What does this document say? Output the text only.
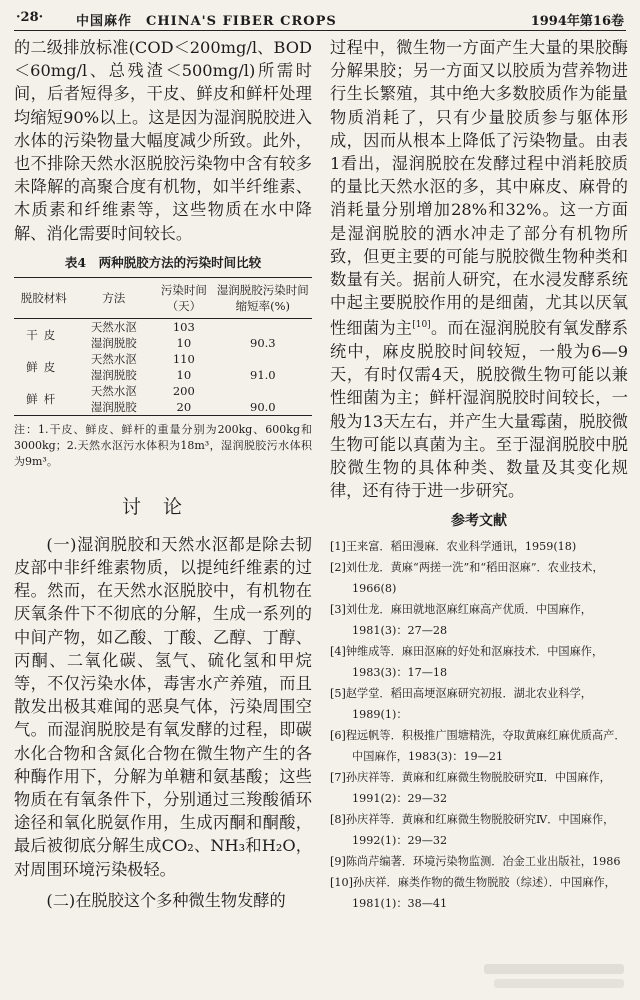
·28·	中国麻作　CHINA'S FIBER CROPS	1994年第16卷

的二级排放标准(COD＜200mg/l、BOD＜60mg/l、总残渣＜500mg/l)所需时间，后者短得多，干皮、鲜皮和鲜杆处理均缩短90%以上。这是因为湿润脱胶进入水体的污染物量大幅度减少所致。此外，也不排除天然水沤脱胶污染物中含有较多未降解的高聚合度有机物，如半纤维素、木质素和纤维素等，这些物质在水中降解、消化需要时间较长。

表4　两种脱胶方法的污染时间比较
脱胶材料	方法	污染时间（天）	湿润脱胶污染时间缩短率(%)
干皮	天然水沤	103	
	湿润脱胶	10	90.3
鲜皮	天然水沤	110	
	湿润脱胶	10	91.0
鲜杆	天然水沤	200	
	湿润脱胶	20	90.0

注：1.干皮、鲜皮、鲜杆的重量分别为200kg、600kg和3000kg；2.天然水沤污水体积为18m³，湿润脱胶污水体积为9m³。

讨论

(一)湿润脱胶和天然水沤都是除去韧皮部中非纤维素物质，以提纯纤维素的过程。然而，在天然水沤脱胶中，有机物在厌氧条件下不彻底的分解，生成一系列的中间产物，如乙酸、丁酸、乙醇、丁醇、丙酮、二氧化碳、氢气、硫化氢和甲烷等，不仅污染水体，毒害水产养殖，而且散发出极其难闻的恶臭气体，污染周围空气。而湿润脱胶是有氧发酵的过程，即碳水化合物和含氮化合物在微生物产生的各种酶作用下，分解为单糖和氨基酸；这些物质在有氧条件下，分别通过三羧酸循环途径和氧化脱氨作用，生成丙酮和酮酸，最后被彻底分解生成CO₂、NH₃和H₂O，对周围环境污染极轻。

(二)在脱胶这个多种微生物发酵的

过程中，微生物一方面产生大量的果胶酶分解果胶；另一方面又以胶质为营养物进行生长繁殖，其中绝大多数胶质作为能量物质消耗了，只有少量胶质参与躯体形成，因而从根本上降低了污染物量。由表1看出，湿润脱胶在发酵过程中消耗胶质的量比天然水沤的多，其中麻皮、麻骨的消耗量分别增加28%和32%。这一方面是湿润脱胶的洒水冲走了部分有机物所致，但更主要的可能与脱胶微生物种类和数量有关。据前人研究，在水浸发酵系统中起主要脱胶作用的是细菌，尤其以厌氧性细菌为主[10]。而在湿润脱胶有氧发酵系统中，麻皮脱胶时间较短，一般为6—9天，有时仅需4天，脱胶微生物可能以兼性细菌为主；鲜杆湿润脱胶时间较长，一般为13天左右，并产生大量霉菌，脱胶微生物可能以真菌为主。至于湿润脱胶中脱胶微生物的具体种类、数量及其变化规律，还有待于进一步研究。

参考文献

[1]王来富．稻田漫麻．农业科学通讯，1959(18)

[2]刘仕龙．黄麻“两搓一洗”和“稻田沤麻”．农业技术，1966(8)

[3]刘仕龙．麻田就地沤麻红麻高产优质．中国麻作，1981(3)：27—28

[4]钟维成等．麻田沤麻的好处和沤麻技术．中国麻作，1983(3)：17—18

[5]赵学堂．稻田高埂沤麻研究初报．湖北农业科学，1989(1)：

[6]程远帆等．积极推广围塘精洗，夺取黄麻红麻优质高产．中国麻作，1983(3)：19—21

[7]孙庆祥等．黄麻和红麻微生物脱胶研究Ⅱ．中国麻作，1991(2)：29—32

[8]孙庆祥等．黄麻和红麻微生物脱胶研究Ⅳ．中国麻作，1992(1)：29—32

[9]陈尚芹编著．环境污染物监测．冶金工业出版社，1986

[10]孙庆祥．麻类作物的微生物脱胶（综述）．中国麻作，1981(1)：38—41
